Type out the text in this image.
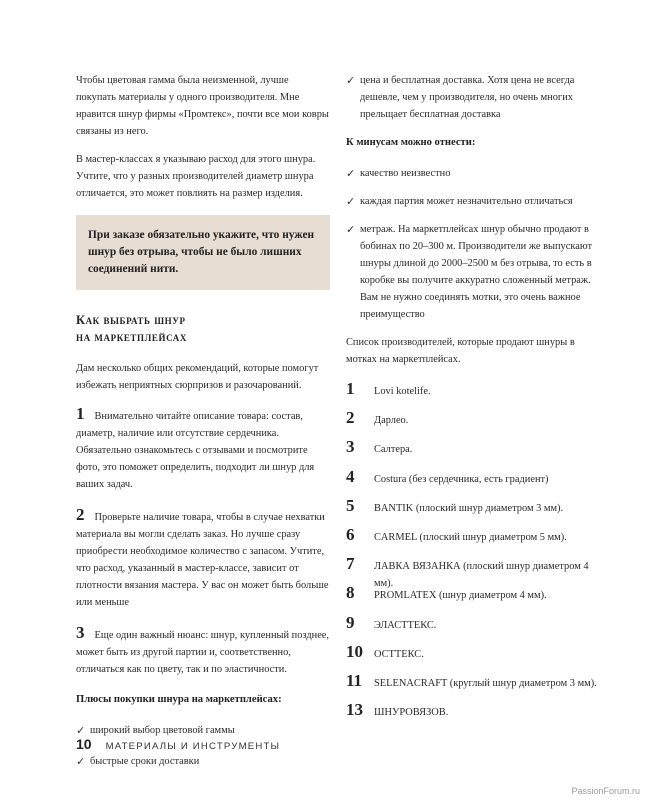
Чтобы цветовая гамма была неизменной, лучше покупать материалы у одного производителя. Мне нравится шнур фирмы «Промтекс», почти все мои ковры связаны из него.

В мастер-классах я указываю расход для этого шнура. Учтите, что у разных производителей диаметр шнура отличается, это может повлиять на размер изделия.

При заказе обязательно укажите, что нужен шнур без отрыва, чтобы не было лишних соединений нити.
Как выбрать шнур
на маркетплейсах

Дам несколько общих рекомендаций, которые помогут избежать неприятных сюрпризов и разочарований.

1 Внимательно читайте описание товара: состав, диаметр, наличие или отсутствие сердечника. Обязательно ознакомьтесь с отзывами и посмотрите фото, это поможет определить, подходит ли шнур для ваших задач.
2 Проверьте наличие товара, чтобы в случае нехватки материала вы могли сделать заказ. Но лучше сразу приобрести необходимое количество с запасом. Учтите, что расход, указанный в мастер-классе, зависит от плотности вязания мастера. У вас он может быть больше или меньше
3 Еще один важный нюанс: шнур, купленный позднее, может быть из другой партии и, соответственно, отличаться как по цвету, так и по эластичности.
Плюсы покупки шнура на маркетплейсах:
✓ широкий выбор цветовой гаммы
✓ быстрые сроки доставки
✓ цена и бесплатная доставка. Хотя цена не всегда дешевле, чем у производителя, но очень многих прельщает бесплатная доставка
К минусам можно отнести:
✓ качество неизвестно
✓ каждая партия может незначительно отличаться
✓ метраж. На маркетплейсах шнур обычно продают в бобинах по 20–300 м. Производители же выпускают шнуры длиной до 2000–2500 м без отрыва, то есть в коробке вы получите аккуратно сложенный метраж. Вам не нужно соединять мотки, это очень важное преимущество

Список производителей, которые продают шнуры в мотках на маркетплейсах.

1	Lovi kotelife.
2	Дарлео.
3	Салтера.
4	Costura (без сердечника, есть градиент)
5	BANTIK (плоский шнур диаметром 3 мм).
6	CARMEL (плоский шнур диаметром 5 мм).
7	ЛАВКА ВЯЗАНКА (плоский шнур диаметром 4 мм).
8	PROMLATEX (шнур диаметром 4 мм).
9	ЭЛАСТТЕКС.
10	ОСТТЕКС.
11	SELENACRAFT (круглый шнур диаметром 3 мм).
13	ШНУРОВЯЗОВ.
10 МАТЕРИАЛЫ И ИНСТРУМЕНТЫ
PassionForum.ru
